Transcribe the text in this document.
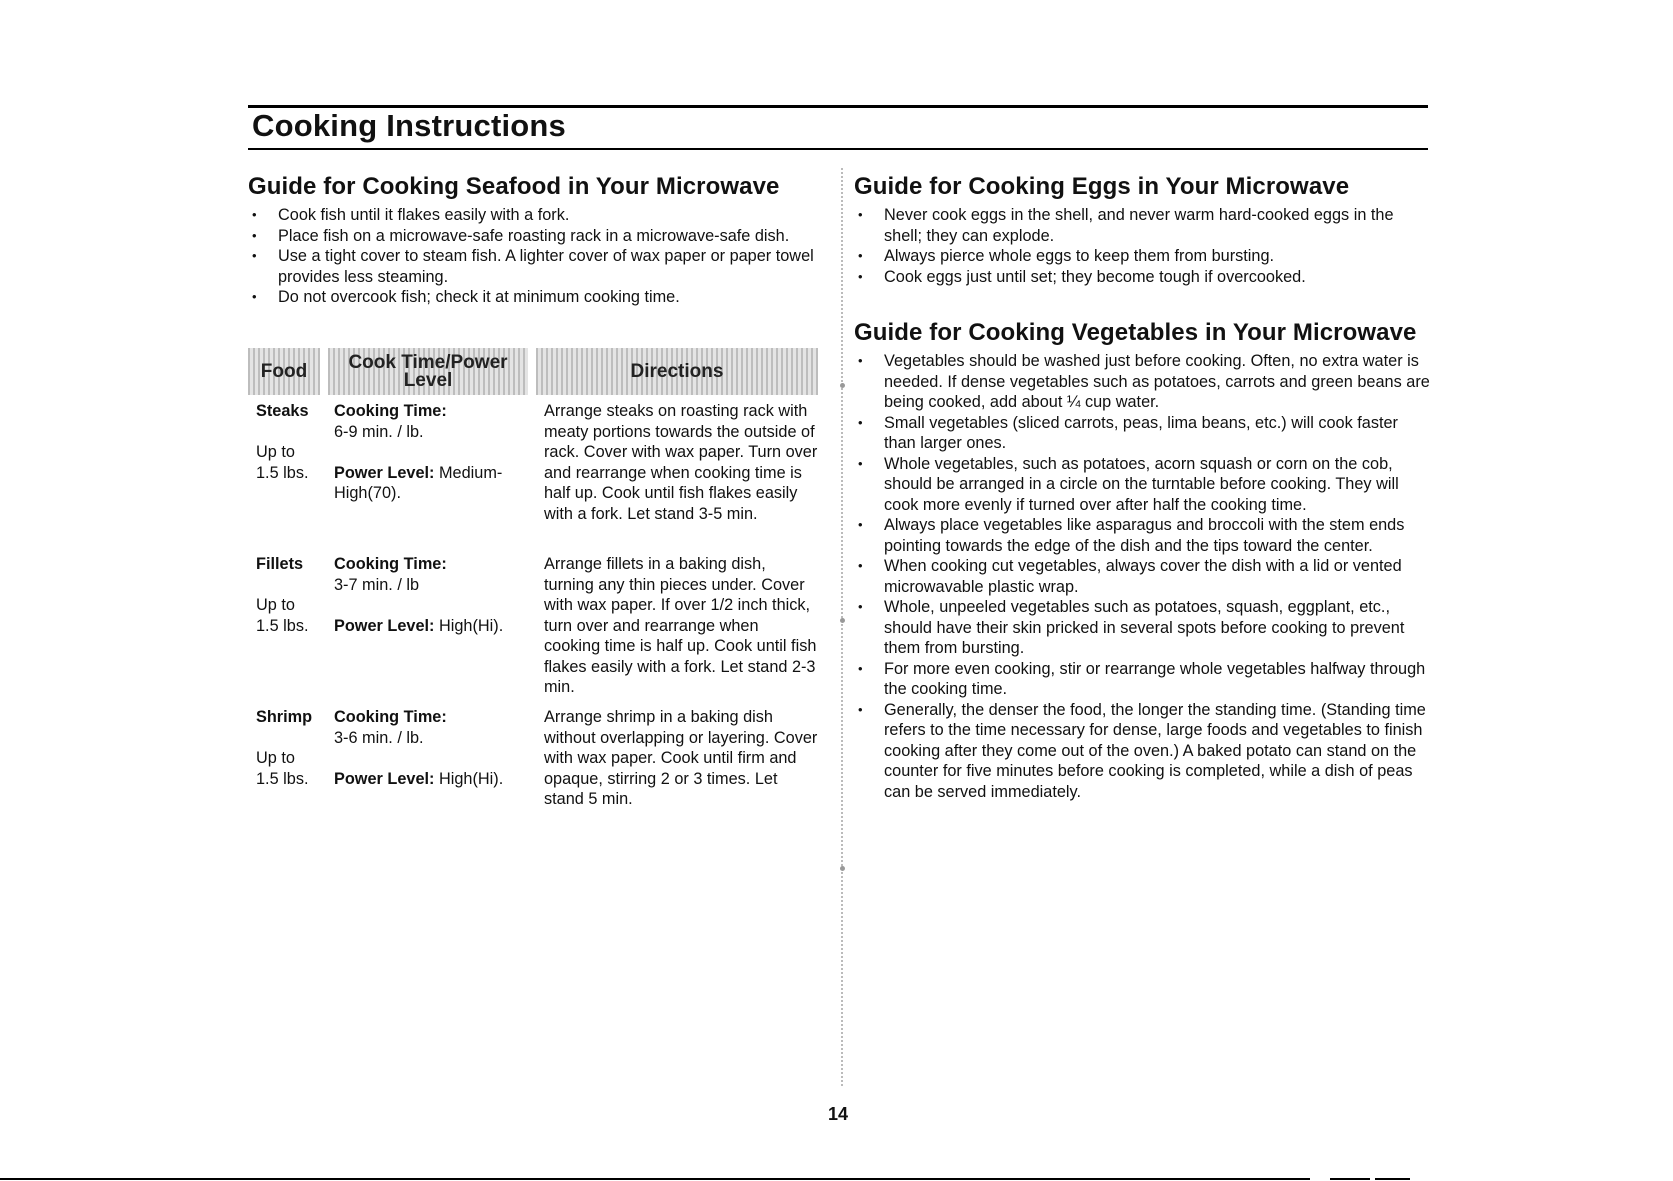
Cooking Instructions
Guide for Cooking Seafood in Your Microwave
• Cook fish until it flakes easily with a fork.
• Place fish on a microwave-safe roasting rack in a microwave-safe dish.
• Use a tight cover to steam fish. A lighter cover of wax paper or paper towel provides less steaming.
• Do not overcook fish; check it at minimum cooking time.
Food	Cook Time/Power Level	Directions
Steaks

Up to
1.5 lbs.
Cooking Time:
6-9 min. / lb.

Power Level: Medium-High(70).
Arrange steaks on roasting rack with meaty portions towards the outside of rack. Cover with wax paper. Turn over and rearrange when cooking time is half up. Cook until fish flakes easily with a fork. Let stand 3-5 min.
Fillets

Up to
1.5 lbs.
Cooking Time:
3-7 min. / lb

Power Level: High(Hi).
Arrange fillets in a baking dish, turning any thin pieces under. Cover with wax paper. If over 1/2 inch thick, turn over and rearrange when cooking time is half up. Cook until fish flakes easily with a fork. Let stand 2-3 min.
Shrimp

Up to
1.5 lbs.
Cooking Time:
3-6 min. / lb.

Power Level: High(Hi).
Arrange shrimp in a baking dish without overlapping or layering. Cover with wax paper. Cook until firm and opaque, stirring 2 or 3 times. Let stand 5 min.
Guide for Cooking Eggs in Your Microwave
• Never cook eggs in the shell, and never warm hard-cooked eggs in the shell; they can explode.
• Always pierce whole eggs to keep them from bursting.
• Cook eggs just until set; they become tough if overcooked.
Guide for Cooking Vegetables in Your Microwave
• Vegetables should be washed just before cooking. Often, no extra water is needed. If dense vegetables such as potatoes, carrots and green beans are being cooked, add about ¼ cup water.
• Small vegetables (sliced carrots, peas, lima beans, etc.) will cook faster than larger ones.
• Whole vegetables, such as potatoes, acorn squash or corn on the cob, should be arranged in a circle on the turntable before cooking. They will cook more evenly if turned over after half the cooking time.
• Always place vegetables like asparagus and broccoli with the stem ends pointing towards the edge of the dish and the tips toward the center.
• When cooking cut vegetables, always cover the dish with a lid or vented microwavable plastic wrap.
• Whole, unpeeled vegetables such as potatoes, squash, eggplant, etc., should have their skin pricked in several spots before cooking to prevent them from bursting.
• For more even cooking, stir or rearrange whole vegetables halfway through the cooking time.
• Generally, the denser the food, the longer the standing time. (Standing time refers to the time necessary for dense, large foods and vegetables to finish cooking after they come out of the oven.) A baked potato can stand on the counter for five minutes before cooking is completed, while a dish of peas can be served immediately.
14
